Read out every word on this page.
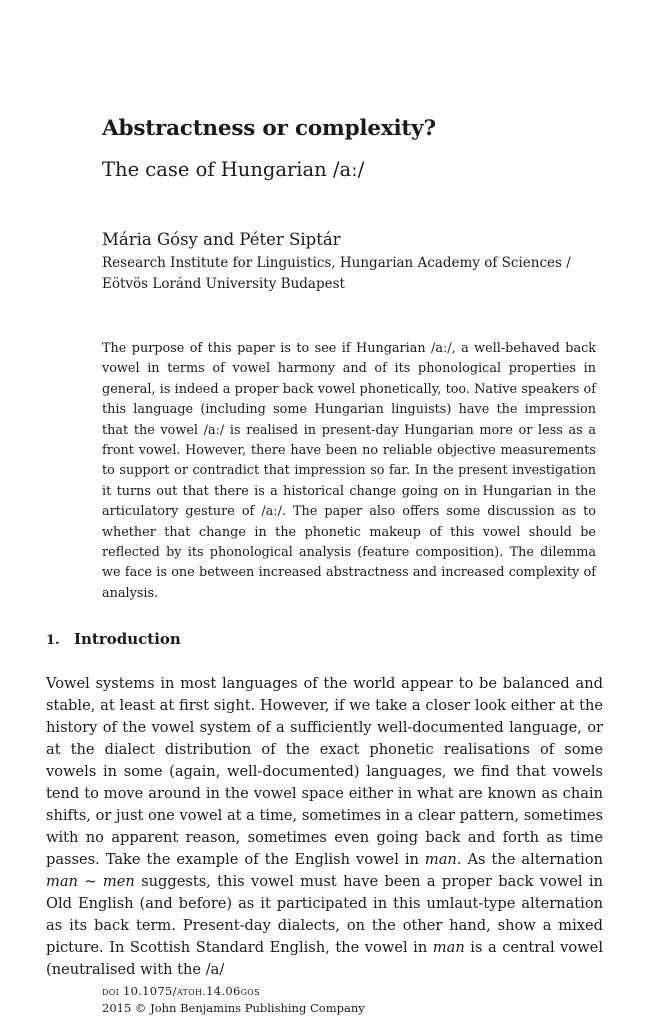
Abstractness or complexity?
The case of Hungarian /aː/
Mária Gósy and Péter Siptár
Research Institute for Linguistics, Hungarian Academy of Sciences / Eötvös Loránd University Budapest
The purpose of this paper is to see if Hungarian /aː/, a well-behaved back vowel in terms of vowel harmony and of its phonological properties in general, is indeed a proper back vowel phonetically, too. Native speakers of this language (including some Hungarian linguists) have the impression that the vowel /aː/ is realised in present-day Hungarian more or less as a front vowel. However, there have been no reliable objective measurements to support or contradict that impression so far. In the present investigation it turns out that there is a historical change going on in Hungarian in the articulatory gesture of /aː/. The paper also offers some discussion as to whether that change in the phonetic makeup of this vowel should be reflected by its phonological analysis (feature composition). The dilemma we face is one between increased abstractness and increased complexity of analysis.
1. Introduction
Vowel systems in most languages of the world appear to be balanced and stable, at least at first sight. However, if we take a closer look either at the history of the vowel system of a sufficiently well-documented language, or at the dialect distribution of the exact phonetic realisations of some vowels in some (again, well-documented) languages, we find that vowels tend to move around in the vowel space either in what are known as chain shifts, or just one vowel at a time, sometimes in a clear pattern, sometimes with no apparent reason, sometimes even going back and forth as time passes. Take the example of the English vowel in man. As the alternation man ~ men suggests, this vowel must have been a proper back vowel in Old English (and before) as it participated in this umlaut-type alternation as its back term. Present-day dialects, on the other hand, show a mixed picture. In Scottish Standard English, the vowel in man is a central vowel (neutralised with the /a/
doi 10.1075/atoh.14.06gos
2015 © John Benjamins Publishing Company
